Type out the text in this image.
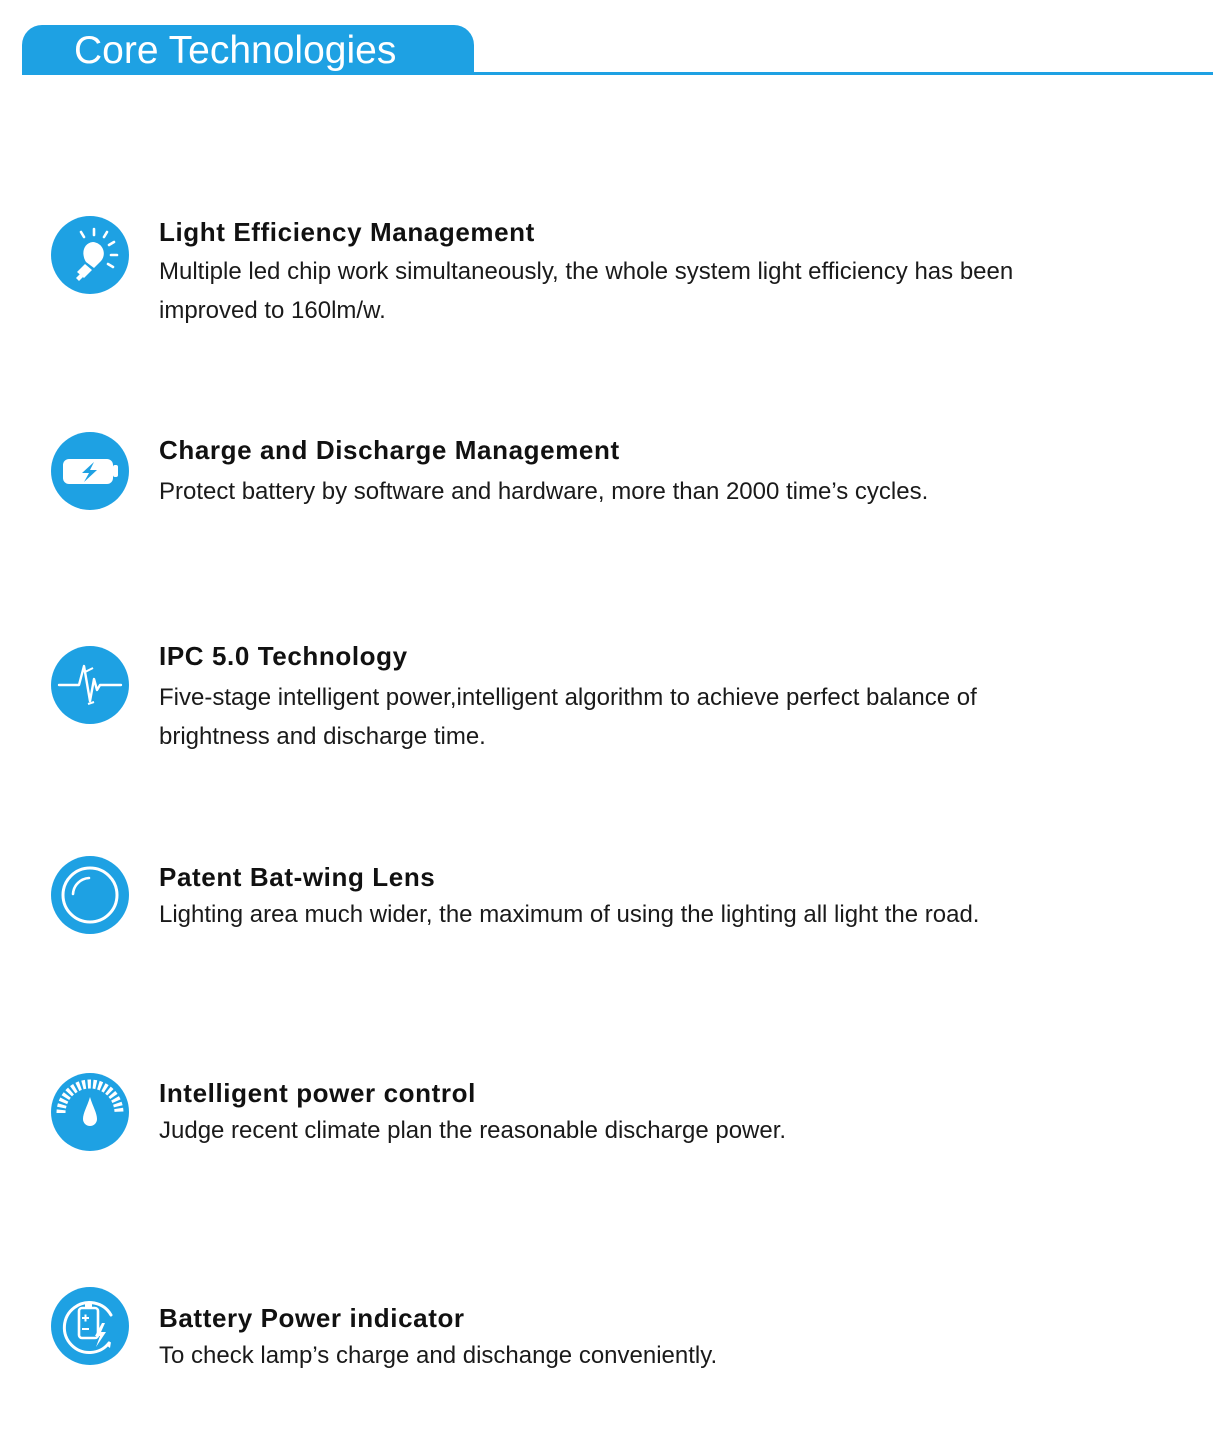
Core Technologies
Light Efficiency Management
Multiple led chip work simultaneously, the whole system light efficiency has been improved to 160lm/w.
Charge and Discharge Management
Protect battery by software and hardware, more than 2000 time’s cycles.
IPC 5.0 Technology
Five-stage intelligent power,intelligent algorithm to achieve perfect balance of brightness and discharge time.
Patent Bat-wing Lens
Lighting area much wider, the maximum of using the lighting all light the road.
Intelligent power control
Judge recent climate plan the reasonable discharge power.
Battery Power indicator
To check lamp’s charge and dischange conveniently.
